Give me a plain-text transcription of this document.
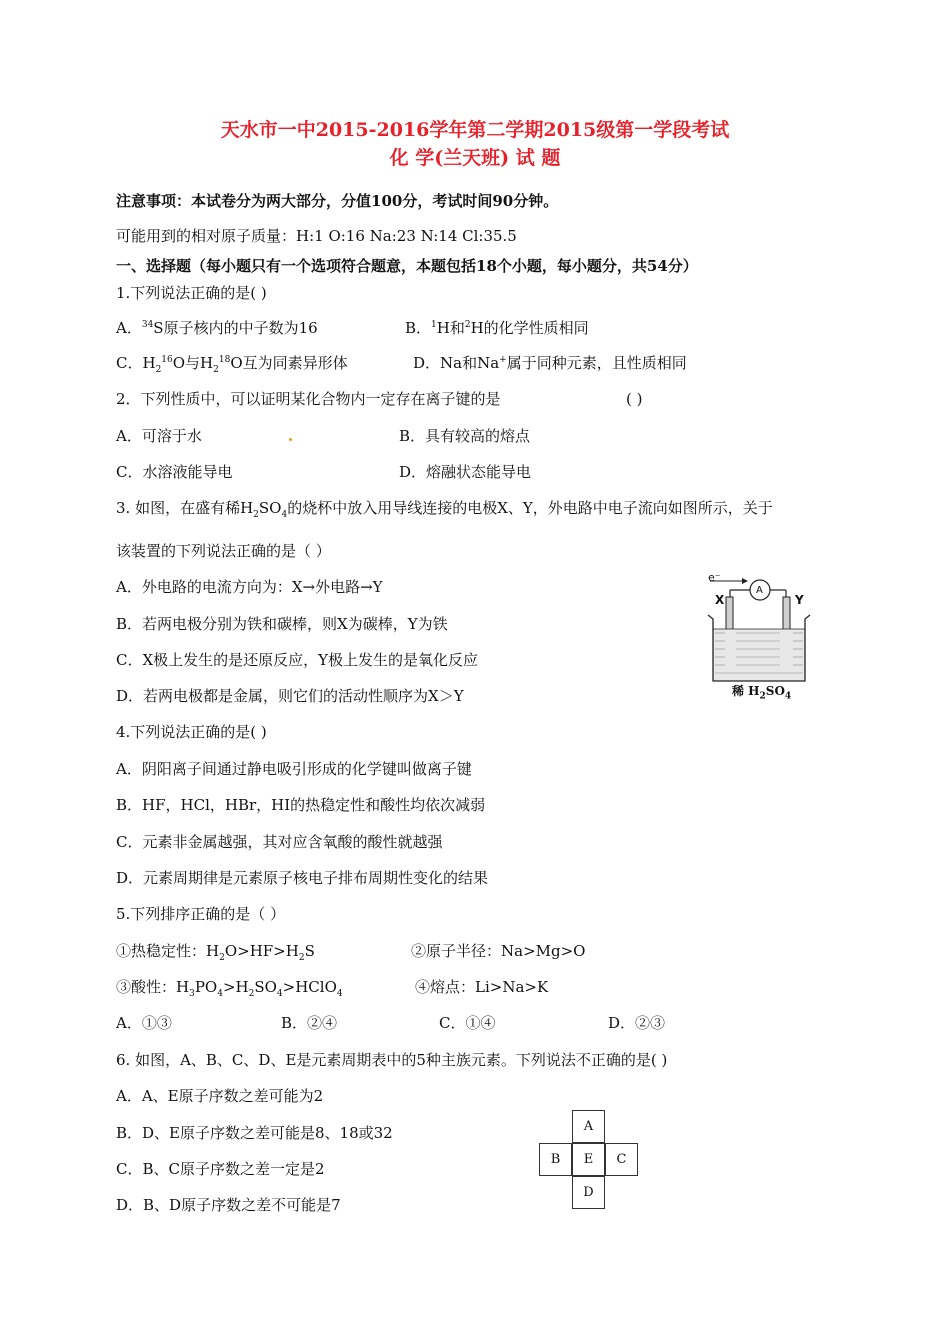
天水市一中2015-2016学年第二学期2015级第一学段考试
化 学(兰天班) 试 题
注意事项：本试卷分为两大部分，分值100分，考试时间90分钟。
可能用到的相对原子质量：H:1 O:16 Na:23 N:14 Cl:35.5
一、选择题（每小题只有一个选项符合题意，本题包括18个小题，每小题分，共54分）
1.下列说法正确的是( )
A．$^{34}$S原子核内的中子数为16	B．$^1$H和$^2$H的化学性质相同
C．$H_2^{16}O$与$H_2^{18}O$互为同素异形体	D．Na和Na+属于同种元素，且性质相同
2．下列性质中，可以证明某化合物内一定存在离子键的是	( )
A．可溶于水	B．具有较高的熔点
C．水溶液能导电	D．熔融状态能导电
3. 如图，在盛有稀$H_2SO_4$的烧杯中放入用导线连接的电极X、Y，外电路中电子流向如图所示，关于
该装置的下列说法正确的是（ ）
A．外电路的电流方向为：X→外电路→Y
B．若两电极分别为铁和碳棒，则X为碳棒，Y为铁
C．X极上发生的是还原反应，Y极上发生的是氧化反应
D．若两电极都是金属，则它们的活动性顺序为X＞Y
e⁻
A
X	Y
稀 $H_2SO_4$
4.下列说法正确的是( )
A．阴阳离子间通过静电吸引形成的化学键叫做离子键
B．HF，HCl，HBr，HI的热稳定性和酸性均依次减弱
C．元素非金属越强，其对应含氧酸的酸性就越强
D．元素周期律是元素原子核电子排布周期性变化的结果
5.下列排序正确的是（ ）
①热稳定性：$H_2O>HF>H_2S$	②原子半径：Na>Mg>O
③酸性：$H_3PO_4>H_2SO_4>HClO_4$	④熔点：Li>Na>K
A．①③	B．②④	C．①④	D．②③
6. 如图，A、B、C、D、E是元素周期表中的5种主族元素。下列说法不正确的是( )
A．A、E原子序数之差可能为2
B．D、E原子序数之差可能是8、18或32
C．B、C原子序数之差一定是2
D．B、D原子序数之差不可能是7
A
B	E	C
D
